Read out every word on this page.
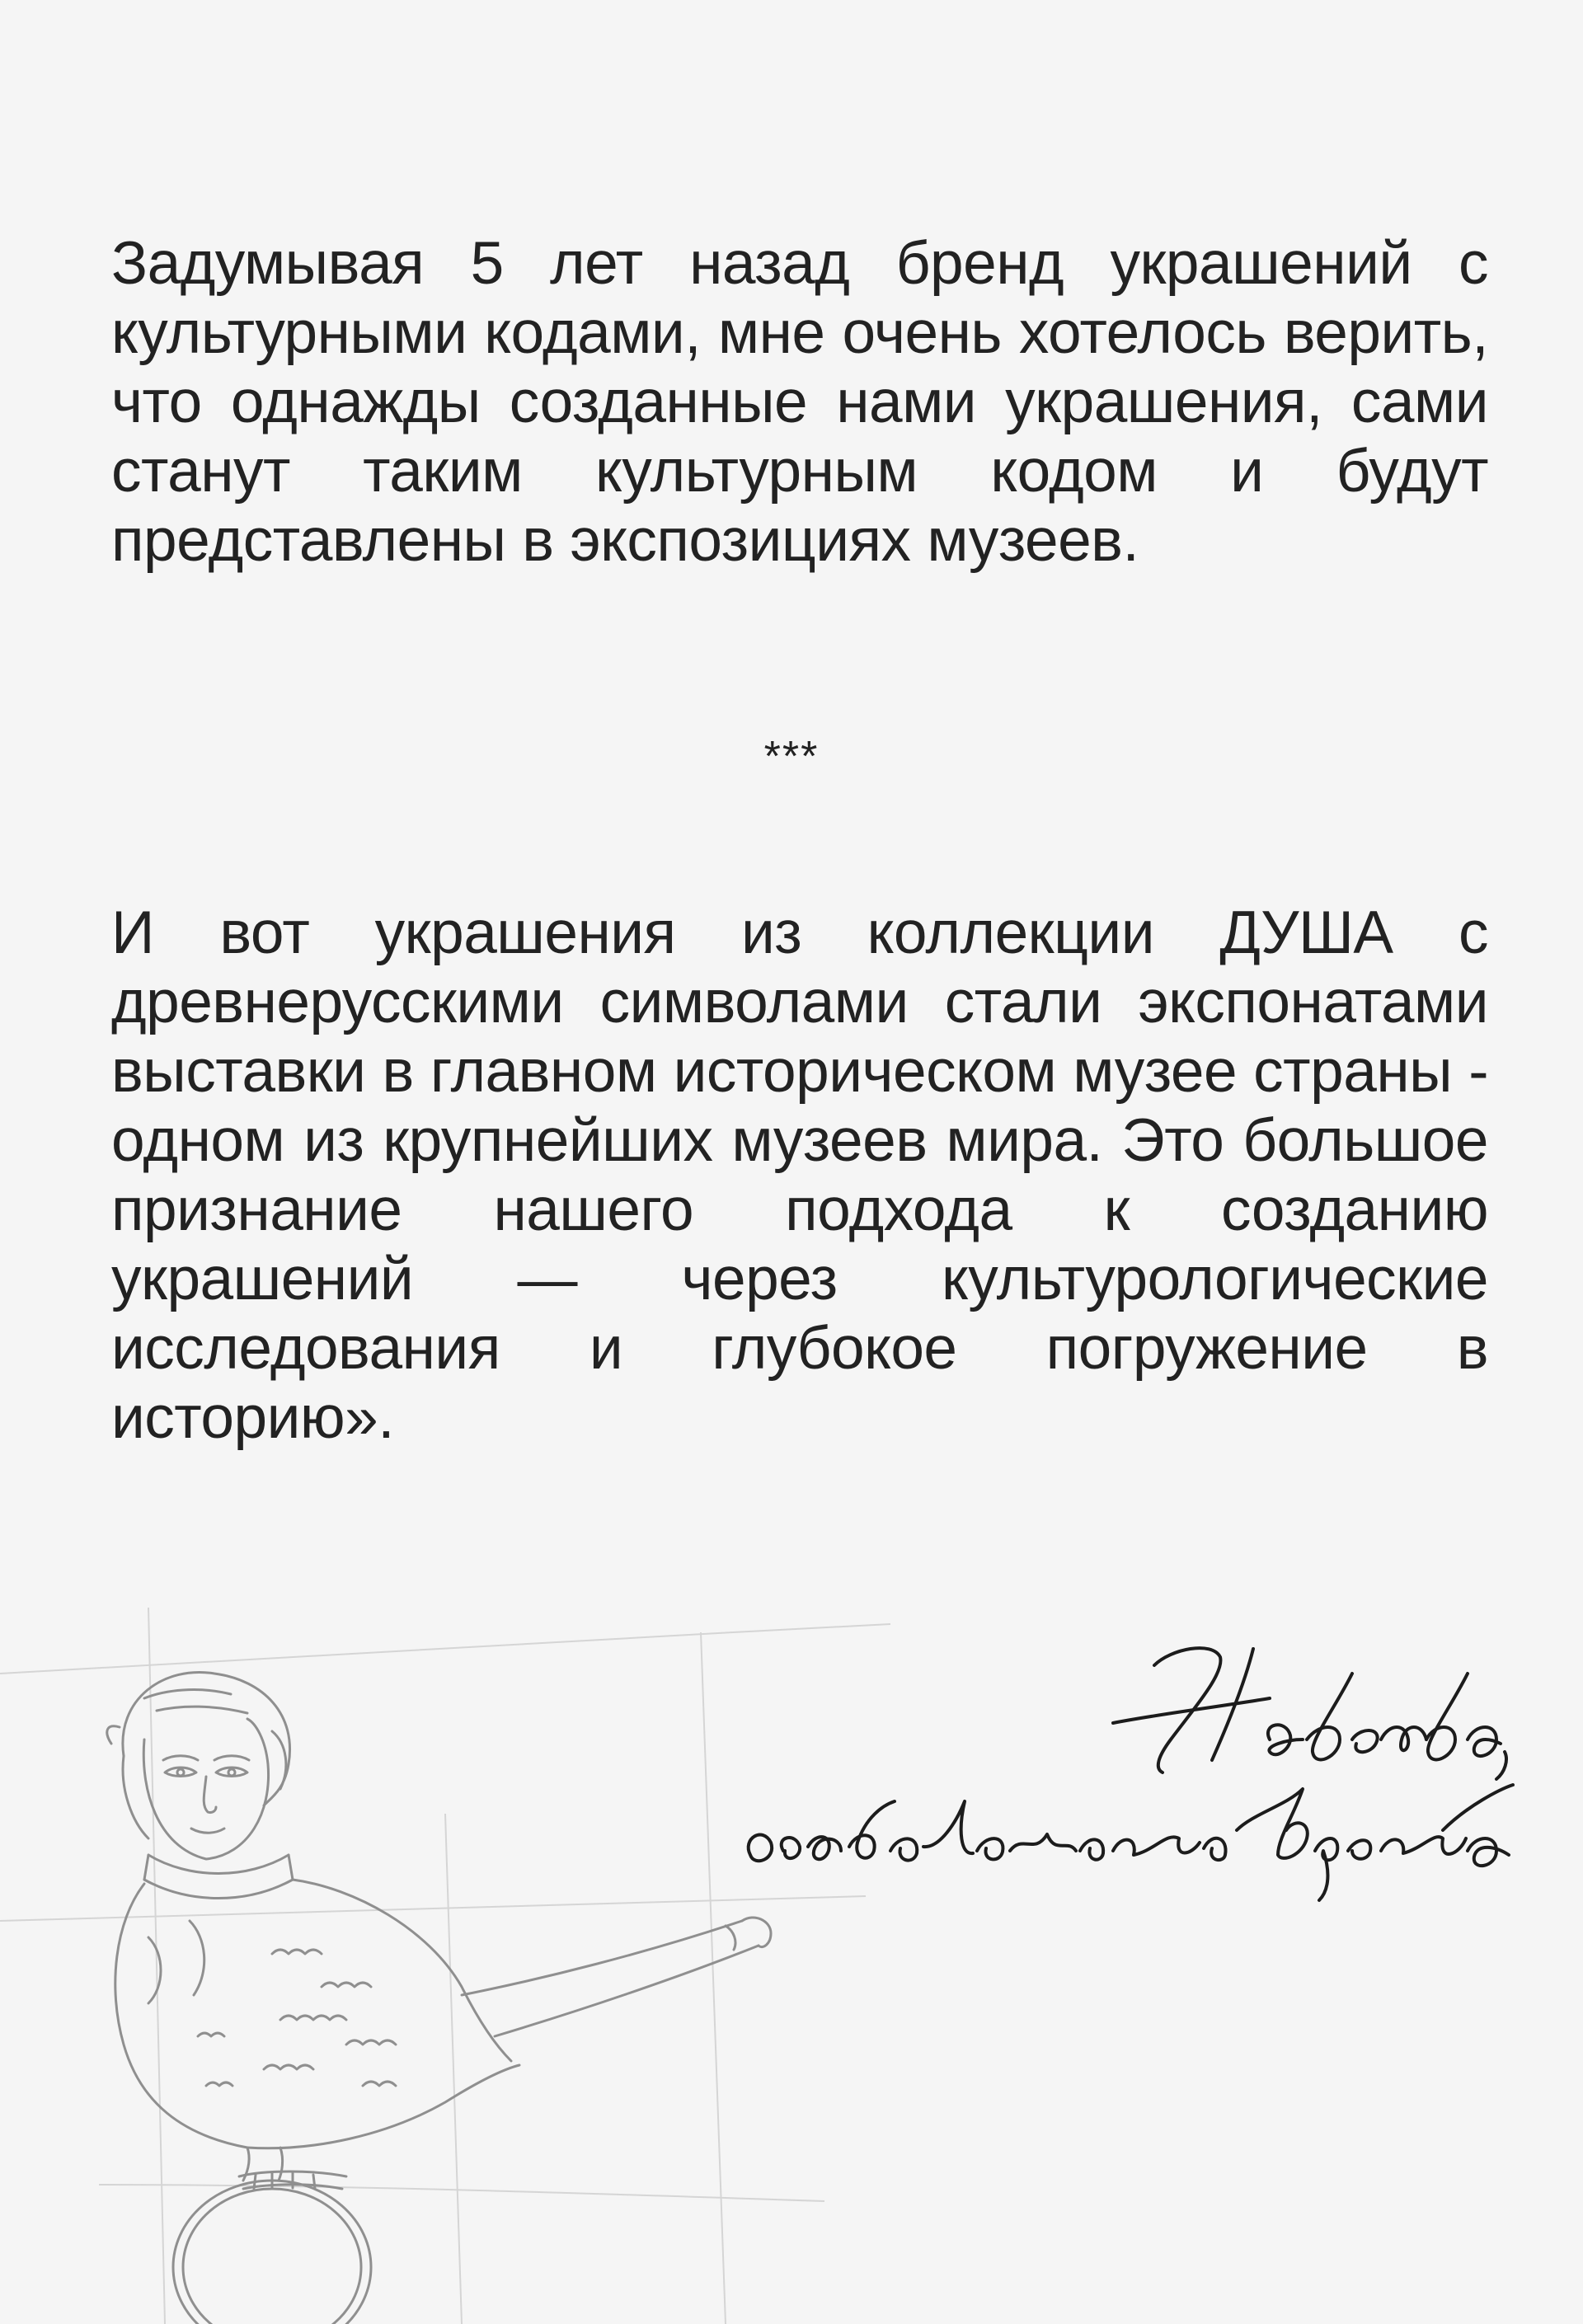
Задумывая 5 лет назад бренд украшений с культурными кодами, мне очень хотелось верить, что однажды созданные нами украшения, сами станут таким культурным кодом и будут представлены в экспозициях музеев.

***

И вот украшения из коллекции ДУША с древнерусскими символами стали экспонатами выставки в главном историческом музее страны - одном из крупнейших музеев мира. Это большое признание нашего подхода к созданию украшений — через культурологические исследования и глубокое погружение в историю».
